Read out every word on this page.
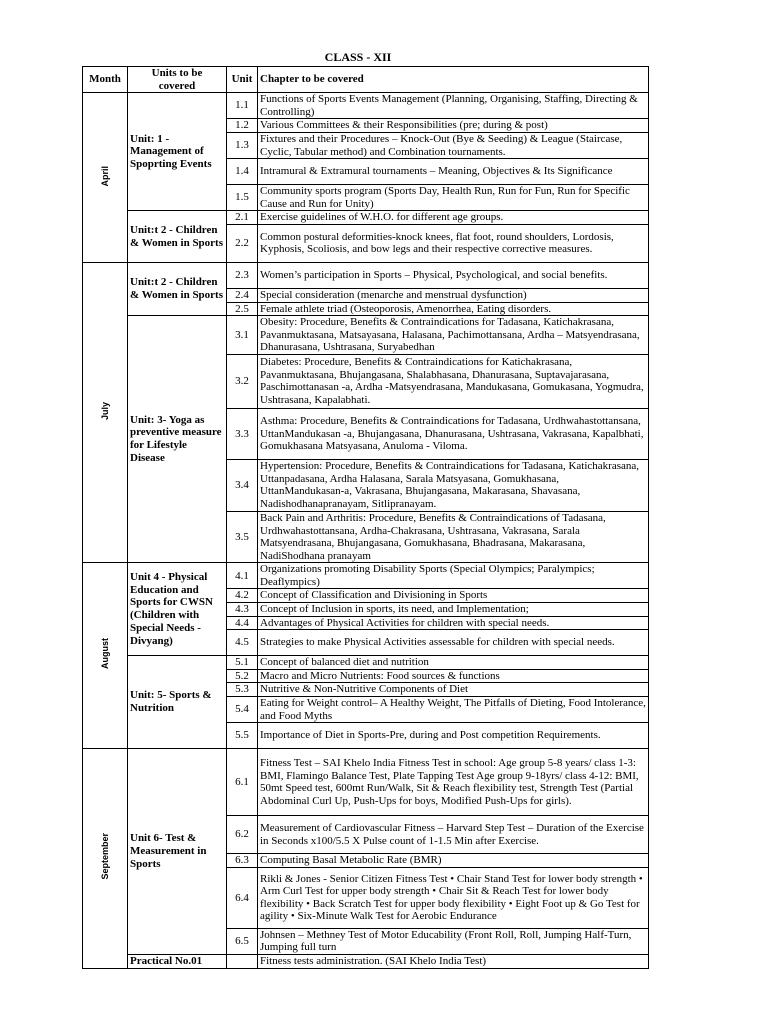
CLASS - XII
Month	Units to be covered	Unit	Chapter to be covered
April	Unit: 1 - Management of Spoprting Events	1.1	Functions of Sports Events Management (Planning, Organising, Staffing, Directing & Controlling)
		1.2	Various Committees & their Responsibilities (pre; during & post)
		1.3	Fixtures and their Procedures – Knock-Out (Bye & Seeding) & League (Staircase, Cyclic, Tabular method) and Combination tournaments.
		1.4	Intramural & Extramural tournaments – Meaning, Objectives & Its Significance
		1.5	Community sports program (Sports Day, Health Run, Run for Fun, Run for Specific Cause and Run for Unity)
	Unit:t 2 - Children & Women in Sports	2.1	Exercise guidelines of W.H.O. for different age groups.
		2.2	Common postural deformities-knock knees, flat foot, round shoulders, Lordosis, Kyphosis, Scoliosis, and bow legs and their respective corrective measures.
July	Unit:t 2 - Children & Women in Sports	2.3	Women’s participation in Sports – Physical, Psychological, and social benefits.
		2.4	Special consideration (menarche and menstrual dysfunction)
		2.5	Female athlete triad (Osteoporosis, Amenorrhea, Eating disorders.
	Unit: 3- Yoga as preventive measure for Lifestyle Disease	3.1	Obesity: Procedure, Benefits & Contraindications for Tadasana, Katichakrasana, Pavanmuktasana, Matsayasana, Halasana, Pachimottansana, Ardha – Matsyendrasana, Dhanurasana, Ushtrasana, Suryabedhan
		3.2	Diabetes: Procedure, Benefits & Contraindications for Katichakrasana, Pavanmuktasana, Bhujangasana, Shalabhasana, Dhanurasana, Suptavajarasana, Paschimottanasan -a, Ardha -Matsyendrasana, Mandukasana, Gomukasana, Yogmudra, Ushtrasana, Kapalabhati.
		3.3	Asthma: Procedure, Benefits & Contraindications for Tadasana, Urdhwahastottansana, UttanMandukasan -a, Bhujangasana, Dhanurasana, Ushtrasana, Vakrasana, Kapalbhati, Gomukhasana Matsyasana, Anuloma - Viloma.
		3.4	Hypertension: Procedure, Benefits & Contraindications for Tadasana, Katichakrasana, Uttanpadasana, Ardha Halasana, Sarala Matsyasana, Gomukhasana, UttanMandukasan-a, Vakrasana, Bhujangasana, Makarasana, Shavasana, Nadishodhanapranayam, Sitlipranayam.
		3.5	Back Pain and Arthritis: Procedure, Benefits & Contraindications of Tadasana, Urdhwahastottansana, Ardha-Chakrasana, Ushtrasana, Vakrasana, Sarala Matsyendrasana, Bhujangasana, Gomukhasana, Bhadrasana, Makarasana, NadiShodhana pranayam
August	Unit 4 - Physical Education and Sports for CWSN (Children with Special Needs - Divyang)	4.1	Organizations promoting Disability Sports (Special Olympics; Paralympics; Deaflympics)
		4.2	Concept of Classification and Divisioning in Sports
		4.3	Concept of Inclusion in sports, its need, and Implementation;
		4.4	Advantages of Physical Activities for children with special needs.
		4.5	Strategies to make Physical Activities assessable for children with special needs.
	Unit: 5- Sports & Nutrition	5.1	Concept of balanced diet and nutrition
		5.2	Macro and Micro Nutrients: Food sources & functions
		5.3	Nutritive & Non-Nutritive Components of Diet
		5.4	Eating for Weight control– A Healthy Weight, The Pitfalls of Dieting, Food Intolerance, and Food Myths
		5.5	Importance of Diet in Sports-Pre, during and Post competition Requirements.
September	Unit 6- Test & Measurement in Sports	6.1	Fitness Test – SAI Khelo India Fitness Test in school: Age group 5-8 years/ class 1-3: BMI, Flamingo Balance Test, Plate Tapping Test Age group 9-18yrs/ class 4-12: BMI, 50mt Speed test, 600mt Run/Walk, Sit & Reach flexibility test, Strength Test (Partial Abdominal Curl Up, Push-Ups for boys, Modified Push-Ups for girls).
		6.2	Measurement of Cardiovascular Fitness – Harvard Step Test – Duration of the Exercise in Seconds x100/5.5 X Pulse count of 1-1.5 Min after Exercise.
		6.3	Computing Basal Metabolic Rate (BMR)
		6.4	Rikli & Jones - Senior Citizen Fitness Test • Chair Stand Test for lower body strength • Arm Curl Test for upper body strength • Chair Sit & Reach Test for lower body flexibility • Back Scratch Test for upper body flexibility • Eight Foot up & Go Test for agility • Six-Minute Walk Test for Aerobic Endurance
		6.5	Johnsen – Methney Test of Motor Educability (Front Roll, Roll, Jumping Half-Turn, Jumping full turn
	Practical No.01		Fitness tests administration. (SAI Khelo India Test)
